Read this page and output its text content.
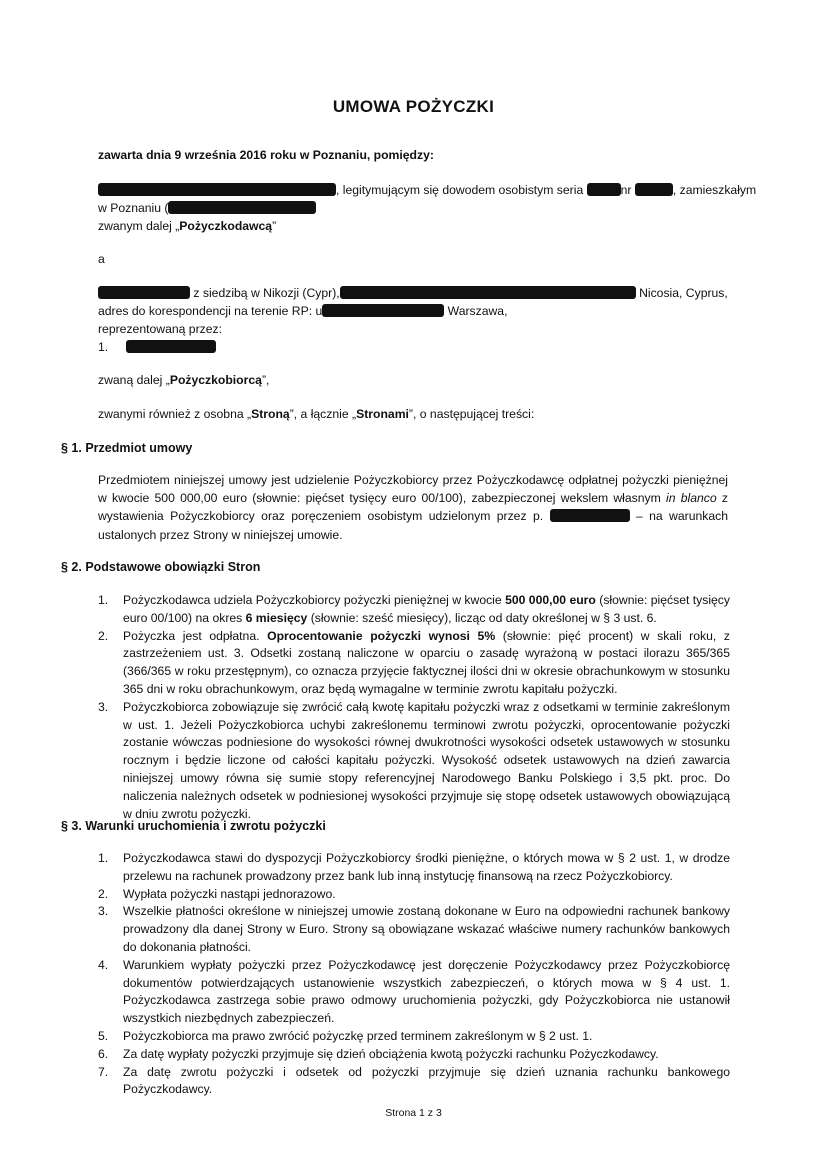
UMOWA POŻYCZKI
zawarta dnia 9 września 2016 roku w Poznaniu, pomiędzy:
, legitymującym się dowodem osobistym seria	nr	, zamieszkałym
w Poznaniu (
zwanym dalej „Pożyczkodawcą”
a
z siedzibą w Nikozji (Cypr),	Nicosia, Cyprus,
adres do korespondencji na terenie RP: u	Warszawa,
reprezentowaną przez:
1.
zwaną dalej „Pożyczkobiorcą”,
zwanymi również z osobna „Stroną”, a łącznie „Stronami”, o następującej treści:
§ 1. Przedmiot umowy
Przedmiotem niniejszej umowy jest udzielenie Pożyczkobiorcy przez Pożyczkodawcę odpłatnej pożyczki pieniężnej w kwocie 500 000,00 euro (słownie: pięćset tysięcy euro 00/100), zabezpieczonej wekslem własnym in blanco z wystawienia Pożyczkobiorcy oraz poręczeniem osobistym udzielonym przez p.	– na warunkach ustalonych przez Strony w niniejszej umowie.
§ 2. Podstawowe obowiązki Stron
1. Pożyczkodawca udziela Pożyczkobiorcy pożyczki pieniężnej w kwocie 500 000,00 euro (słownie: pięćset tysięcy euro 00/100) na okres 6 miesięcy (słownie: sześć miesięcy), licząc od daty określonej w § 3 ust. 6.
2. Pożyczka jest odpłatna. Oprocentowanie pożyczki wynosi 5% (słownie: pięć procent) w skali roku, z zastrzeżeniem ust. 3. Odsetki zostaną naliczone w oparciu o zasadę wyrażoną w postaci ilorazu 365/365 (366/365 w roku przestępnym), co oznacza przyjęcie faktycznej ilości dni w okresie obrachunkowym w stosunku 365 dni w roku obrachunkowym, oraz będą wymagalne w terminie zwrotu kapitału pożyczki.
3. Pożyczkobiorca zobowiązuje się zwrócić całą kwotę kapitału pożyczki wraz z odsetkami w terminie zakreślonym w ust. 1. Jeżeli Pożyczkobiorca uchybi zakreślonemu terminowi zwrotu pożyczki, oprocentowanie pożyczki zostanie wówczas podniesione do wysokości równej dwukrotności wysokości odsetek ustawowych w stosunku rocznym i będzie liczone od całości kapitału pożyczki. Wysokość odsetek ustawowych na dzień zawarcia niniejszej umowy równa się sumie stopy referencyjnej Narodowego Banku Polskiego i 3,5 pkt. proc. Do naliczenia należnych odsetek w podniesionej wysokości przyjmuje się stopę odsetek ustawowych obowiązującą w dniu zwrotu pożyczki.
§ 3. Warunki uruchomienia i zwrotu pożyczki
1. Pożyczkodawca stawi do dyspozycji Pożyczkobiorcy środki pieniężne, o których mowa w § 2 ust. 1, w drodze przelewu na rachunek prowadzony przez bank lub inną instytucję finansową na rzecz Pożyczkobiorcy.
2. Wypłata pożyczki nastąpi jednorazowo.
3. Wszelkie płatności określone w niniejszej umowie zostaną dokonane w Euro na odpowiedni rachunek bankowy prowadzony dla danej Strony w Euro. Strony są obowiązane wskazać właściwe numery rachunków bankowych do dokonania płatności.
4. Warunkiem wypłaty pożyczki przez Pożyczkodawcę jest doręczenie Pożyczkodawcy przez Pożyczkobiorcę dokumentów potwierdzających ustanowienie wszystkich zabezpieczeń, o których mowa w § 4 ust. 1. Pożyczkodawca zastrzega sobie prawo odmowy uruchomienia pożyczki, gdy Pożyczkobiorca nie ustanowił wszystkich niezbędnych zabezpieczeń.
5. Pożyczkobiorca ma prawo zwrócić pożyczkę przed terminem zakreślonym w § 2 ust. 1.
6. Za datę wypłaty pożyczki przyjmuje się dzień obciążenia kwotą pożyczki rachunku Pożyczkodawcy.
7. Za datę zwrotu pożyczki i odsetek od pożyczki przyjmuje się dzień uznania rachunku bankowego Pożyczkodawcy.
Strona 1 z 3
